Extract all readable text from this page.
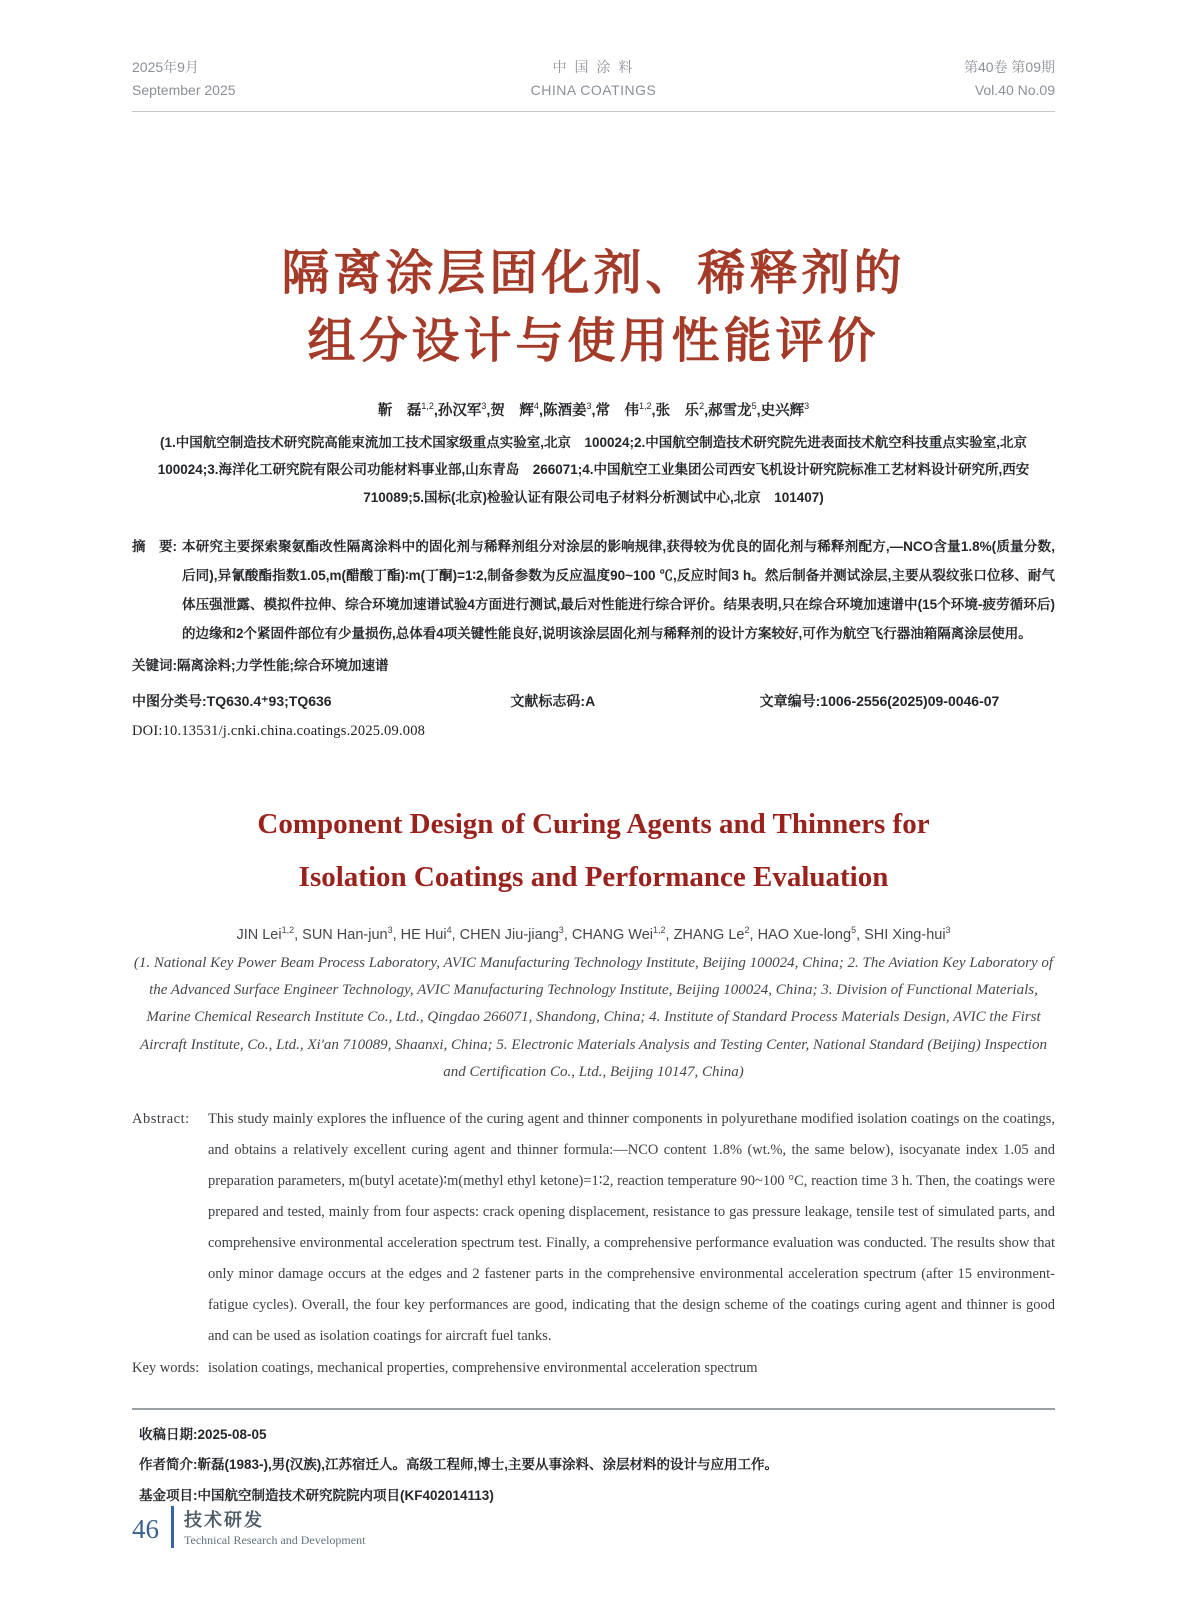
2025年9月
September 2025
中 国 涂 料
CHINA COATINGS
第40卷 第09期
Vol.40 No.09
隔离涂层固化剂、稀释剂的
组分设计与使用性能评价
靳　磊$^{1,2}$,孙汉军$^3$,贺　辉$^4$,陈酒姜$^3$,常　伟$^{1,2}$,张　乐$^2$,郝雪龙$^5$,史兴辉$^3$
(1.中国航空制造技术研究院高能束流加工技术国家级重点实验室,北京　100024;2.中国航空制造技术研究院先进表面技术航空科技重点实验室,北京　100024;3.海洋化工研究院有限公司功能材料事业部,山东青岛　266071;4.中国航空工业集团公司西安飞机设计研究院标准工艺材料设计研究所,西安　710089;5.国标(北京)检验认证有限公司电子材料分析测试中心,北京　101407)
摘　要: 本研究主要探索聚氨酯改性隔离涂料中的固化剂与稀释剂组分对涂层的影响规律,获得较为优良的固化剂与稀释剂配方,—NCO含量1.8%(质量分数,后同),异氰酸酯指数1.05,m(醋酸丁酯)∶m(丁酮)=1∶2,制备参数为反应温度90~100 ℃,反应时间3 h。然后制备并测试涂层,主要从裂纹张口位移、耐气体压强泄露、模拟件拉伸、综合环境加速谱试验4方面进行测试,最后对性能进行综合评价。结果表明,只在综合环境加速谱中(15个环境-疲劳循环后)的边缘和2个紧固件部位有少量损伤,总体看4项关键性能良好,说明该涂层固化剂与稀释剂的设计方案较好,可作为航空飞行器油箱隔离涂层使用。
关键词:隔离涂料;力学性能;综合环境加速谱
中图分类号:TQ630.4⁺93;TQ636	文献标志码:A	文章编号:1006-2556(2025)09-0046-07
DOI:10.13531/j.cnki.china.coatings.2025.09.008
Component Design of Curing Agents and Thinners for
Isolation Coatings and Performance Evaluation
JIN Lei$^{1,2}$, SUN Han-jun$^3$, HE Hui$^4$, CHEN Jiu-jiang$^3$, CHANG Wei$^{1,2}$, ZHANG Le$^2$, HAO Xue-long$^5$, SHI Xing-hui$^3$
(1. National Key Power Beam Process Laboratory, AVIC Manufacturing Technology Institute, Beijing 100024, China; 2. The Aviation Key Laboratory of the Advanced Surface Engineer Technology, AVIC Manufacturing Technology Institute, Beijing 100024, China; 3. Division of Functional Materials, Marine Chemical Research Institute Co., Ltd., Qingdao 266071, Shandong, China; 4. Institute of Standard Process Materials Design, AVIC the First Aircraft Institute, Co., Ltd., Xi'an 710089, Shaanxi, China; 5. Electronic Materials Analysis and Testing Center, National Standard (Beijing) Inspection and Certification Co., Ltd., Beijing 10147, China)
Abstract: This study mainly explores the influence of the curing agent and thinner components in polyurethane modified isolation coatings on the coatings, and obtains a relatively excellent curing agent and thinner formula:—NCO content 1.8% (wt.%, the same below), isocyanate index 1.05 and preparation parameters, m(butyl acetate)∶m(methyl ethyl ketone)=1∶2, reaction temperature 90~100 °C, reaction time 3 h. Then, the coatings were prepared and tested, mainly from four aspects: crack opening displacement, resistance to gas pressure leakage, tensile test of simulated parts, and comprehensive environmental acceleration spectrum test. Finally, a comprehensive performance evaluation was conducted. The results show that only minor damage occurs at the edges and 2 fastener parts in the comprehensive environmental acceleration spectrum (after 15 environment-fatigue cycles). Overall, the four key performances are good, indicating that the design scheme of the coatings curing agent and thinner is good and can be used as isolation coatings for aircraft fuel tanks.
Key words: isolation coatings, mechanical properties, comprehensive environmental acceleration spectrum
收稿日期:2025-08-05
作者简介:靳磊(1983-),男(汉族),江苏宿迁人。高级工程师,博士,主要从事涂料、涂层材料的设计与应用工作。
基金项目:中国航空制造技术研究院院内项目(KF402014113)
46 技术研发
Technical Research and Development
